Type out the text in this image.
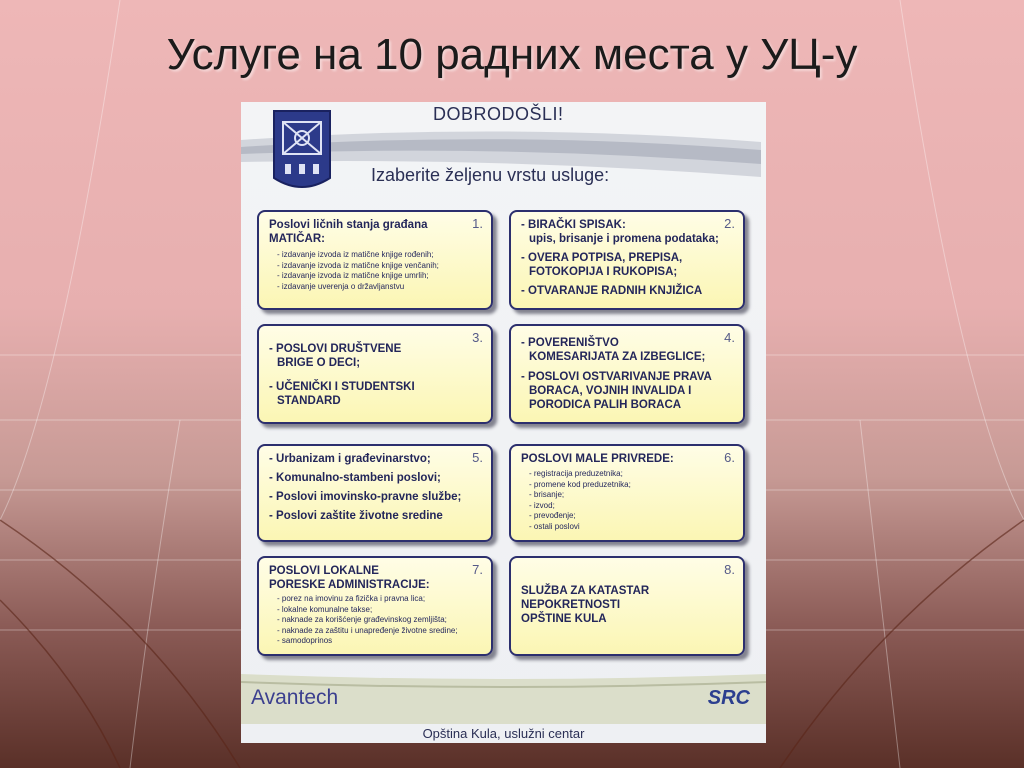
Услуге на 10 радних места у УЦ-у
DOBRODOŠLI!
Izaberite željenu vrstu usluge:
1.
Poslovi ličnih stanja građana
MATIČAR:
- izdavanje izvoda iz matične knjige rođenih;
- izdavanje izvoda iz matične knjige venčanih;
- izdavanje izvoda iz matične knjige umrlih;
- izdavanje uverenja o državljanstvu
2.
- BIRAČKI SPISAK:
upis, brisanje i promena podataka;
- OVERA POTPISA, PREPISA,
FOTOKOPIJA I RUKOPISA;
- OTVARANJE RADNIH KNJIŽICA
3.
- POSLOVI DRUŠTVENE
BRIGE O DECI;
- UČENIČKI I STUDENTSKI
STANDARD
4.
- POVERENIŠTVO
KOMESARIJATA ZA IZBEGLICE;
- POSLOVI OSTVARIVANJE PRAVA
BORACA, VOJNIH INVALIDA I
PORODICA PALIH BORACA
5.
- Urbanizam i građevinarstvo;
- Komunalno-stambeni poslovi;
- Poslovi imovinsko-pravne službe;
- Poslovi zaštite životne sredine
6.
POSLOVI MALE PRIVREDE:
- registracija preduzetnika;
- promene kod preduzetnika;
- brisanje;
- izvod;
- prevođenje;
- ostali poslovi
7.
POSLOVI LOKALNE
PORESKE ADMINISTRACIJE:
- porez na imovinu za fizička i pravna lica;
- lokalne komunalne takse;
- naknade za korišćenje građevinskog zemljišta;
- naknade za zaštitu i unapređenje životne sredine;
- samodoprinos
8.
SLUŽBA ZA KATASTAR
NEPOKRETNOSTI
OPŠTINE KULA
Avantech	SRC
Opština Kula, uslužni centar
